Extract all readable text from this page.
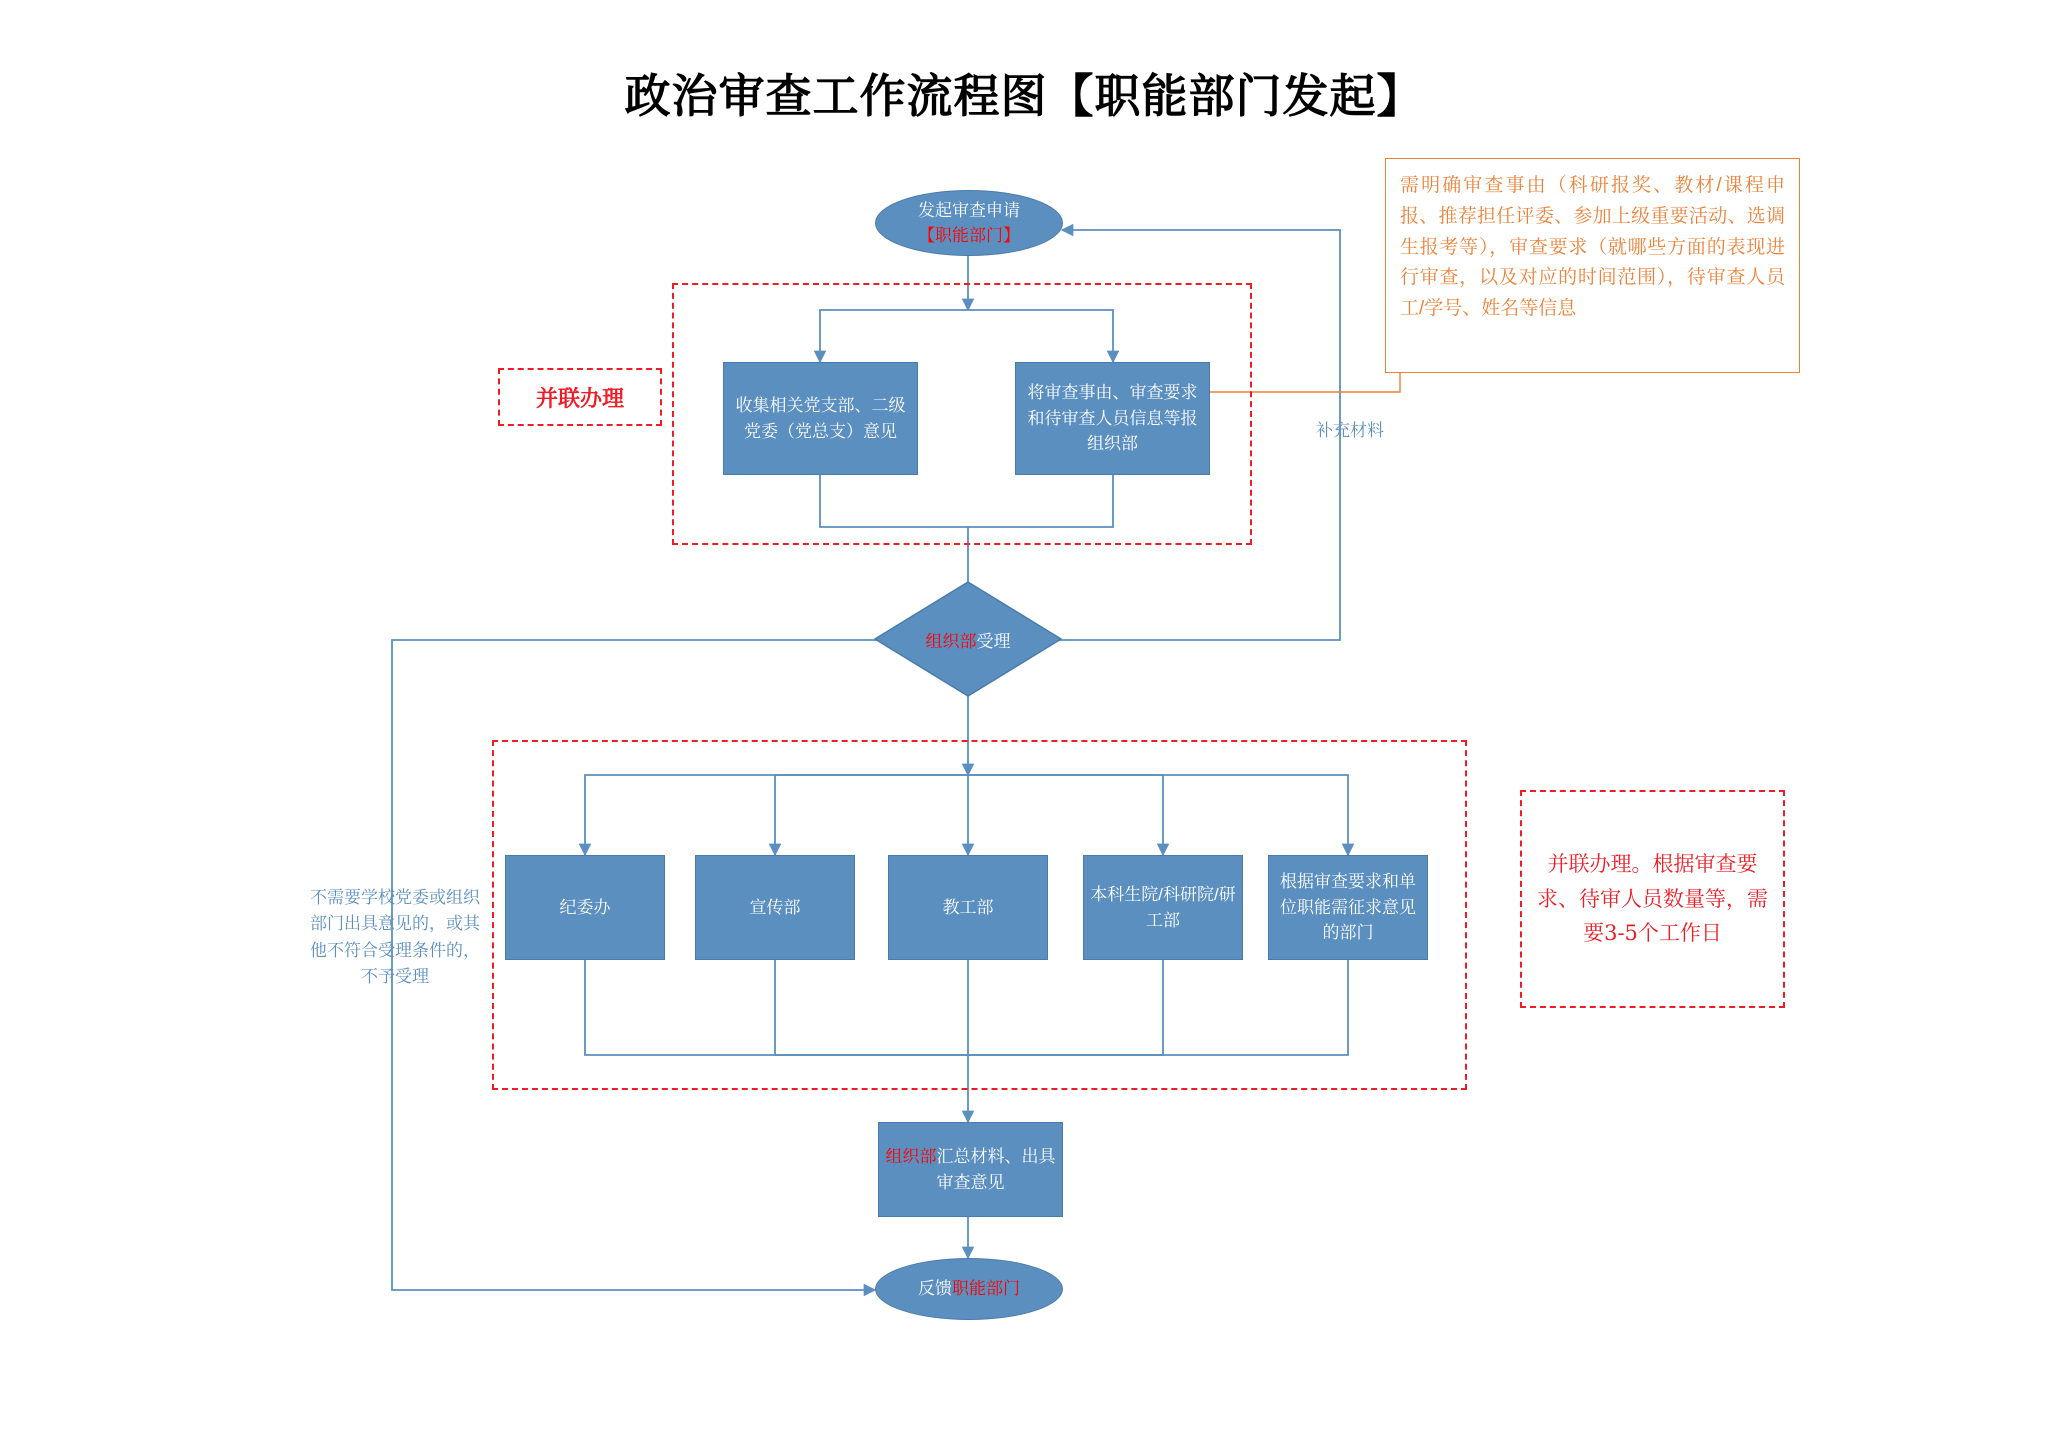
政治审查工作流程图【职能部门发起】
发起审查申请
【职能部门】
并联办理	收集相关党支部、二级党委（党总支）意见
将审查事由、审查要求和待审查人员信息等报组织部
需明确审查事由（科研报奖、教材/课程申报、推荐担任评委、参加上级重要活动、选调生报考等），审查要求（就哪些方面的表现进行审查，以及对应的时间范围），待审查人员工/学号、姓名等信息
补充材料
组织部受理
不需要学校党委或组织部门出具意见的，或其他不符合受理条件的，不予受理
纪委办	宣传部	教工部
本科生院/科研院/研工部
根据审查要求和单位职能需征求意见的部门
并联办理。根据审查要求、待审人员数量等，需要3-5个工作日
组织部汇总材料、出具审查意见
反馈职能部门
